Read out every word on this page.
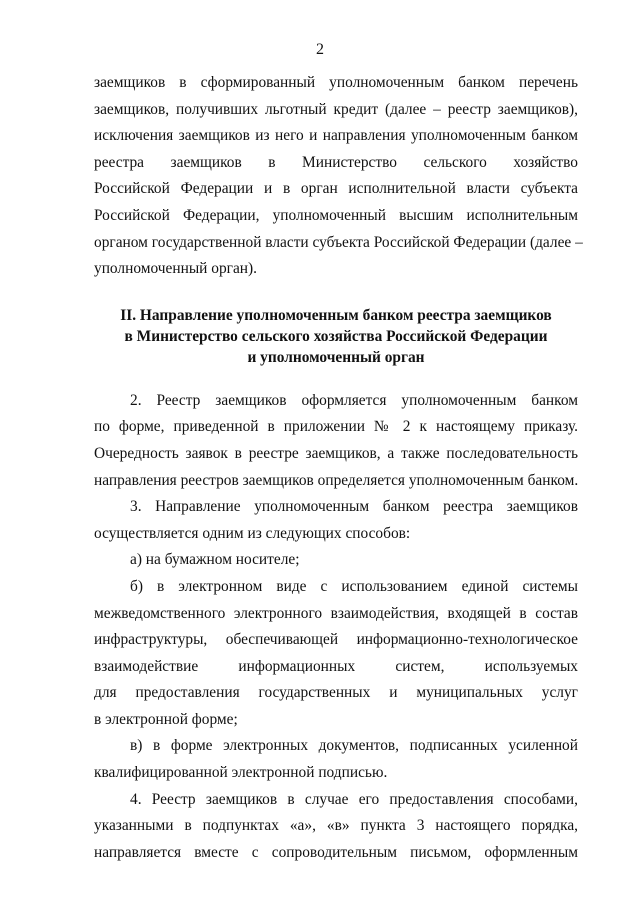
2
заемщиков в сформированный уполномоченным банком перечень
заемщиков, получивших льготный кредит (далее – реестр заемщиков),
исключения заемщиков из него и направления уполномоченным банком
реестра заемщиков в Министерство сельского хозяйство
Российской Федерации и в орган исполнительной власти субъекта
Российской Федерации, уполномоченный высшим исполнительным
органом государственной власти субъекта Российской Федерации (далее –
уполномоченный орган).
II. Направление уполномоченным банком реестра заемщиков
в Министерство сельского хозяйства Российской Федерации
и уполномоченный орган
2. Реестр заемщиков оформляется уполномоченным банком
по форме, приведенной в приложении № 2 к настоящему приказу.
Очередность заявок в реестре заемщиков, а также последовательность
направления реестров заемщиков определяется уполномоченным банком.
3. Направление уполномоченным банком реестра заемщиков
осуществляется одним из следующих способов:
а) на бумажном носителе;
б) в электронном виде с использованием единой системы
межведомственного электронного взаимодействия, входящей в состав
инфраструктуры, обеспечивающей информационно-технологическое
взаимодействие информационных систем, используемых
для предоставления государственных и муниципальных услуг
в электронной форме;
в) в форме электронных документов, подписанных усиленной
квалифицированной электронной подписью.
4. Реестр заемщиков в случае его предоставления способами,
указанными в подпунктах «а», «в» пункта 3 настоящего порядка,
направляется вместе с сопроводительным письмом, оформленным
